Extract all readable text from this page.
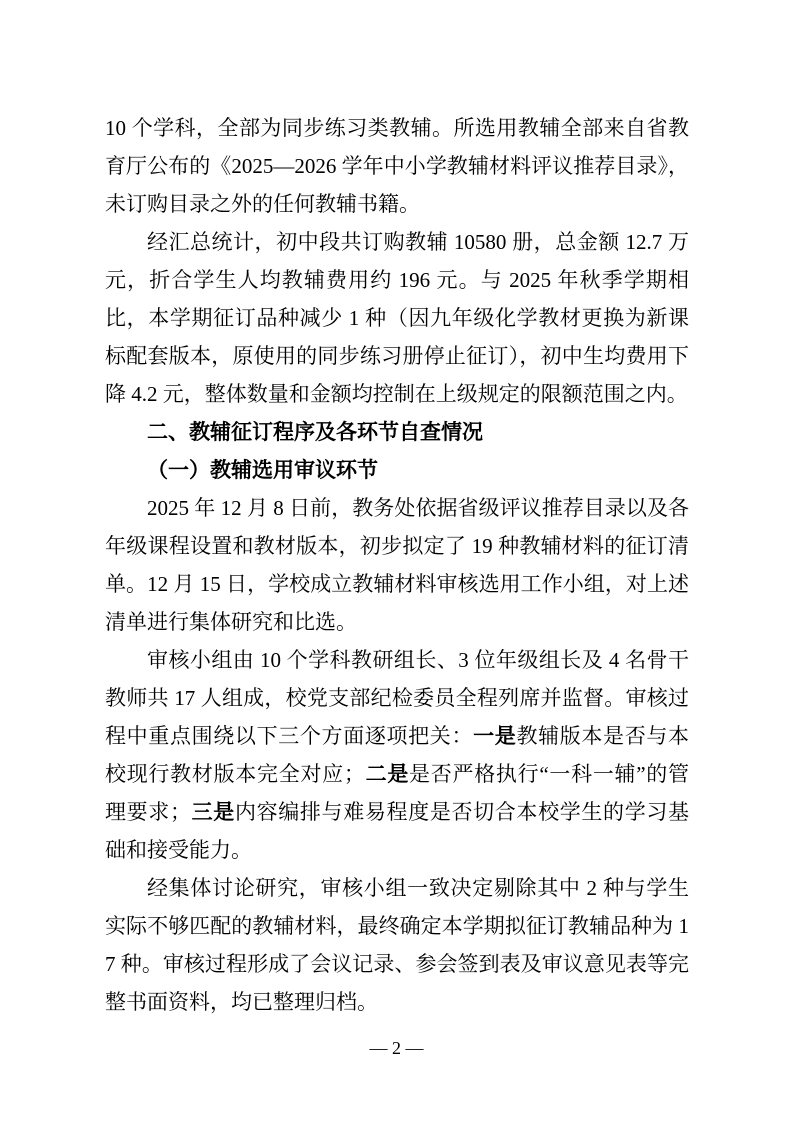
10 个学科，全部为同步练习类教辅。所选用教辅全部来自省教育厅公布的《2025—2026 学年中小学教辅材料评议推荐目录》，未订购目录之外的任何教辅书籍。

经汇总统计，初中段共订购教辅 10580 册，总金额 12.7 万元，折合学生人均教辅费用约 196 元。与 2025 年秋季学期相比，本学期征订品种减少 1 种（因九年级化学教材更换为新课标配套版本，原使用的同步练习册停止征订），初中生均费用下降 4.2 元，整体数量和金额均控制在上级规定的限额范围之内。

二、教辅征订程序及各环节自查情况

（一）教辅选用审议环节

2025 年 12 月 8 日前，教务处依据省级评议推荐目录以及各年级课程设置和教材版本，初步拟定了 19 种教辅材料的征订清单。12 月 15 日，学校成立教辅材料审核选用工作小组，对上述清单进行集体研究和比选。

审核小组由 10 个学科教研组长、3 位年级组长及 4 名骨干教师共 17 人组成，校党支部纪检委员全程列席并监督。审核过程中重点围绕以下三个方面逐项把关：一是教辅版本是否与本校现行教材版本完全对应；二是是否严格执行“一科一辅”的管理要求；三是内容编排与难易程度是否切合本校学生的学习基础和接受能力。

经集体讨论研究，审核小组一致决定剔除其中 2 种与学生实际不够匹配的教辅材料，最终确定本学期拟征订教辅品种为 17 种。审核过程形成了会议记录、参会签到表及审议意见表等完整书面资料，均已整理归档。

— 2 —
